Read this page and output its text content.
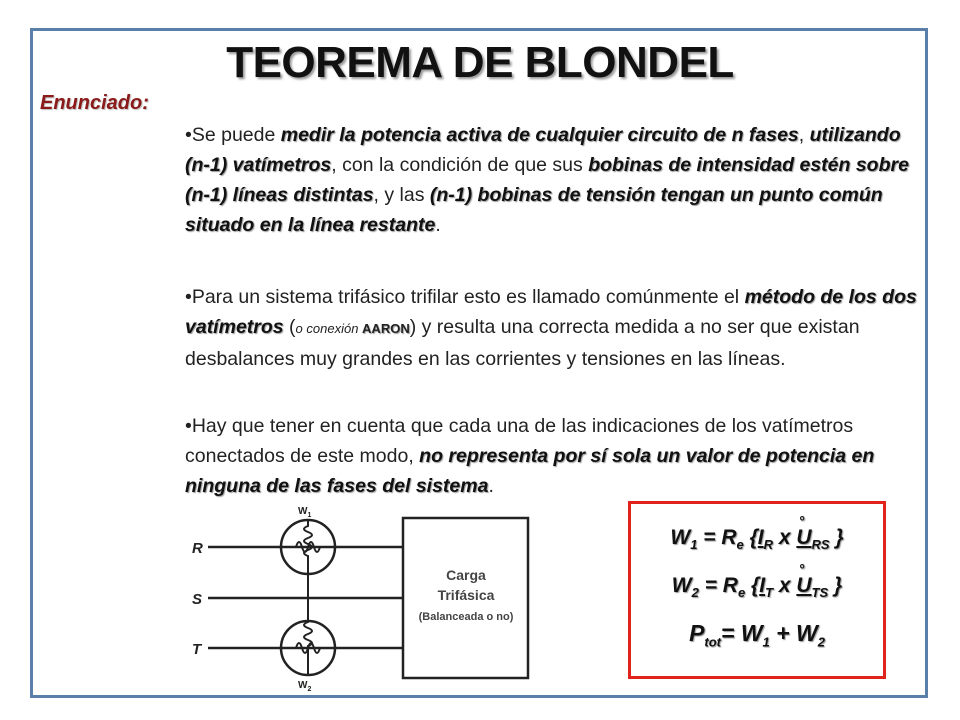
TEOREMA DE BLONDEL
Enunciado:
•Se puede medir la potencia activa de cualquier circuito de n fases, utilizando (n-1) vatímetros, con la condición de que sus bobinas de intensidad estén sobre (n-1) líneas distintas, y las (n-1) bobinas de tensión tengan un punto común situado en la línea restante.
•Para un sistema trifásico trifilar esto es llamado comúnmente el método de los dos vatímetros (o conexión AARON) y resulta una correcta medida a no ser que existan desbalances muy grandes en las corrientes y tensiones en las líneas.
•Hay que tener en cuenta que cada una de las indicaciones de los vatímetros conectados de este modo, no representa por sí sola un valor de potencia en ninguna de las fases del sistema.
R
S
T
$W_1$
$W_2$
Carga
Trifásica
(Balanceada o no)
$W_1 = R_e$ {$I_R$ x ° $U_{RS}$ }
$W_2 = R_e$ {$I_T$ x ° $U_{TS}$ }
$P_{tot}= W_1 + W_2$
